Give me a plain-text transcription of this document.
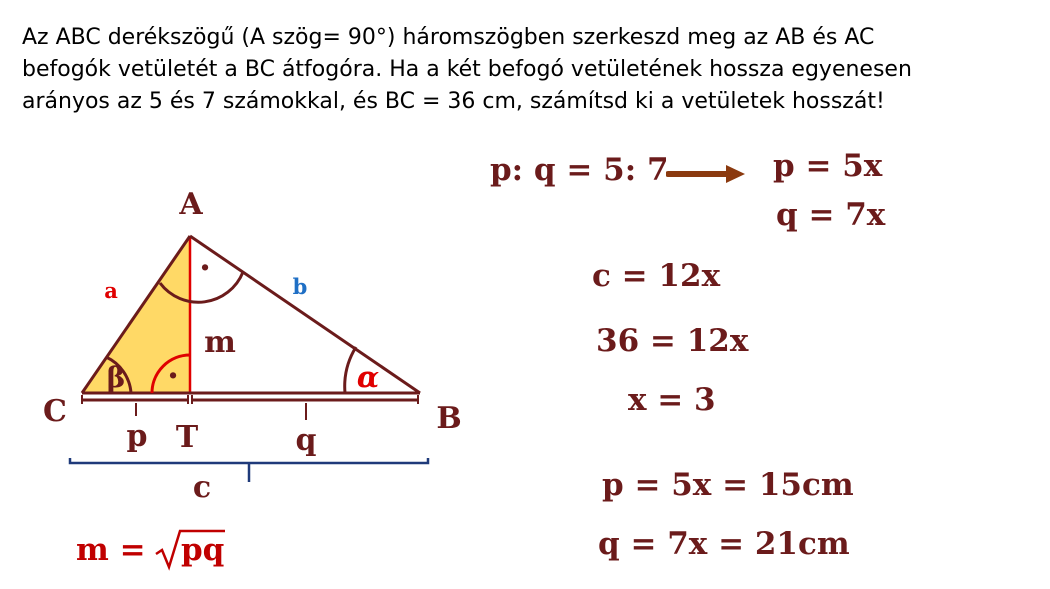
Az ABC derékszögű (A szög= 90°) háromszögben szerkeszd meg az AB és AC
befogók vetületét a BC átfogóra. Ha a két befogó vetületének hossza egyenesen
arányos az 5 és 7 számokkal, és BC = 36 cm, számítsd ki a vetületek hosszát!
A
B
C
T
a	b
m
p	q
c
β	α
·
·
m = pq
p: q = 5: 7	p = 5x
q = 7x
c = 12x
36 = 12x
x = 3
p = 5x = 15cm
q = 7x = 21cm
